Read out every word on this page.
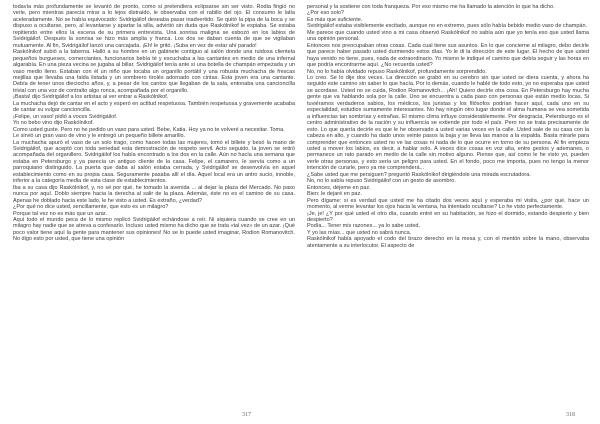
todavía más profundamente se levantó de pronto, como si pretendiera eclipsarse sin ser visto. Rodia fingió no verle, pero mientras parecía mirar a lo lejos distraído, le observaba con el rabillo del ojo. El consumo le latía aceleradamente. No se había equivocado: Svidrigáilof deseaba pasar inadvertido. Se quitó la pipa de la boca y se dispuso a ocultarse, pero, al levantarse y apartar la silla, advirtió sin duda que Raskólnikof le espiaba. Se estaba repitiendo entre ellos la escena de su primera entrevista. Una sonrisa maligna se esbozó en los labios de Svidrigáilof. Después la sonrisa se hizo más amplia y franca. Los dos se daban cuenta de que se vigilaban mutuamente. Al fin, Svidrigáilof lanzó una carcajada. ¡Eh! le gritó. ¡Suba en vez de estar ahí parado!
Raskólnikof subió a la taberna. Halló a su hombre en un gabinete contiguo al salón donde una ruidosa clientela pequeños burgueses, comerciantes, funcionarios bebía té y escuchaba a las cantantes en medio de una infernal algarabía. En una pieza vecina se jugaba al billar. Svidrigáilof tenía ante sí una botella de champán empezada y un vaso medio lleno. Estaban con él un niño que tocaba un organillo portátil y una robusta muchacha de frescas mejillas que llevaba una falda listada y un sombrero tirolés adornado con cintas. Esta joven era una cantante. Debía de tener unos dieciocho años, y, a pesar de los cantos que llegaban de la sala, entonaba una cancioncilla trivial con una voz de contralto algo ronca, acompañada por el organillo.
¡Basta! dijo Svidrigáilof a los artistas al ver entrar a Raskólnikof.
La muchacha dejó de cantar en el acto y esperó en actitud respetuosa. También respetuosa y gravemente acababa de cantar su vulgar cancioncilla.
¡Felipe, un vaso! pidió a voces Svidrigáilof.
Yo no bebo vino dijo Raskólnikof.
Como usted guste. Pero no he pedido un vaso para usted. Bebe, Katia. Hoy ya no te volveré a necesitar. Toma.
Le sirvió un gran vaso de vino y le entregó un pequeño billete amarillo.
La muchacha apuró el vaso de un solo trago, como hacen todas las mujeres, tomó el billete y besó la mano de Svidrigáilof, que aceptó con toda seriedad esta demostración de respeto servil. Acto seguido, la joven se retiró acompañada del organillero. Svidrigáilof los había encontrado a los dos en la calle. Aún no hacía una semana que estaba en Petersburgo y ya parecía un antiguo cliente de la casa. Felipe, el camarero, le servía como a un parroquiano distinguido. La puerta que daba al salón estaba cerrada, y Svidrigáilof se desenvolvía en aquel establecimiento como en su propia casa. Seguramente pasaba allí el día. Aquel local era un antro sucio, innoble, inferior a la categoría media de esta clase de establecimientos.
Iba a su casa dijo Raskólnikof, y, no sé por qué, he tomado la avenida ... al dejar la plaza del Mercado. No paso nunca por aquí. Doblo siempre hacia la derecha al salir de la plaza. Además, éste no es el camino de su casa. Apenas he doblado hacia este lado, le he visto a usted. Es extraño, ¿verdad?
¿Por qué no dice usted, sencillamente, que esto es un milagro?
Porque tal vez no es más que un azar.
Aquí todo el mundo peca de lo mismo replicó Svidrigáilof echándose a reír. Ni siquiera cuando se cree en un milagro hay nadie que se atreva a confesarlo. Incluso usted mismo ha dicho que se trata «tal vez» de un azar. ¡Qué poco valor tiene aquí la gente para mantener sus opiniones! No se lo puede usted imaginar, Rodion Romanovitch. No digo esto por usted, que tiene una opinión

personal y la sostiene con toda franqueza. Por eso mismo me ha llamado la atención lo que ha dicho.
¿Por eso solo?
Es más que suficiente.
Svidrigáilof estaba visiblemente excitado, aunque no en extremo, pues sólo había bebido medio vaso de champán.
Me parece que cuando usted vino a mi casa observó Raskólnikof no sabía aún que yo tenía eso que usted llama una opinión personal.
Entonces nos preocupaban otras cosas. Cada cual tiene sus asuntos. En lo que concierne al milagro, debo decirle que parece haber pasado usted durmiendo estos días. Yo le di la dirección de este lugar. El hecho de que usted haya venido no tiene, pues, nada de extraordinario. Yo mismo le indiqué el camino que debía seguir y las horas en que podría encontrarme aquí. ¿No recuerda usted?
No, no lo había olvidado repuso Raskólnikof, profundamente sorprendido.
Lo creo. Se lo dije dos veces. La dirección se grabó en su cerebro sin que usted se diera cuenta, y ahora ha seguido este camino sin saber lo que hacía. Por lo demás, cuando le hablé de todo esto, yo no esperaba que usted se acordase. Usted no se cuida, Rodion Romanovitch... ¡Ah! Quiero decirle otra cosa. En Petersburgo hay mucha gente que va hablando sola por la calle. Uno se encuentra a cada paso con personas que están medio locas. Si tuviéramos verdaderos sabios, los médicos, los juristas y los filósofos podrían hacer aquí, cada uno en su especialidad, estudios sumamente interesantes. No hay ningún otro lugar donde el alma humana se vea sometida a influencias tan sombrías y extrañas. El mismo clima influye considerablemente. Por desgracia, Petersburgo es el centro administrativo de la nación y su influencia se extiende por todo el país. Pero no se trata precisamente de esto. Lo que quería decirle es que le he observado a usted varias veces en la calle. Usted sale de su casa con la cabeza en alto, y cuando ha dado unos veinte pasos la baja y se lleva las manos a la espalda. Basta mirarle para comprender que entonces usted no ve las cosas ni nada de lo que ocurre en torno de su persona. Al fin empieza usted a mover los labios, es decir, a hablar solo. A veces dice cosas en voz alta, entre gestos y ademanes, o permanece un rato parado en medio de la calle sin motivo alguno. Piense que, así como le he visto yo, pueden verle otras personas, y esto sería un peligro para usted. En el fondo, poco me importa, pues no tengo la menor intención de curarle, pero ya me comprenderá...
¿Sabe usted que me persiguen? preguntó Raskólnikof dirigiéndole una mirada escrutadora.
No, no lo sabía repuso Svidrigáilof con un gesto de asombro.
Entonces, déjeme en paz.
Bien: le dejaré en paz.
Pero dígame: si es verdad que usted me ha citado dos veces aquí y esperaba mi visita, ¿por qué, hace un momento, al verme levantar los ojos hacia la ventana, ha intentado ocultarse? Lo he visto perfectamente.
¡Je, je! ¿Y por qué usted el otro día, cuando entré en su habitación, se hizo el dormido, estando despierto y bien despierto?
Podía... Tener mis razones... ya lo sabe usted.
Y yo las mías... que usted no sabrá nunca.
Raskólnikof había apoyado el codo del brazo derecho en la mesa y, con el mentón sobre la mano, observaba atentamente a su interlocutor. El aspecto de

317	318
